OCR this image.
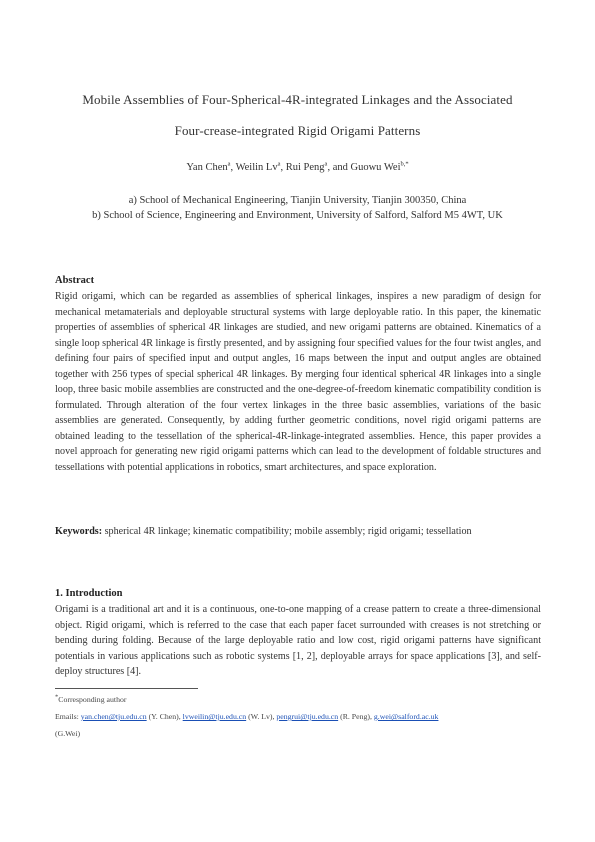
Mobile Assemblies of Four-Spherical-4R-integrated Linkages and the Associated
Four-crease-integrated Rigid Origami Patterns
Yan Chen$^a$, Weilin Lv$^a$, Rui Peng$^a$, and Guowu Wei$^{b,*}$
a) School of Mechanical Engineering, Tianjin University, Tianjin 300350, China
b) School of Science, Engineering and Environment, University of Salford, Salford M5 4WT, UK
Abstract

Rigid origami, which can be regarded as assemblies of spherical linkages, inspires a new paradigm of design for mechanical metamaterials and deployable structural systems with large deployable ratio. In this paper, the kinematic properties of assemblies of spherical 4R linkages are studied, and new origami patterns are obtained. Kinematics of a single loop spherical 4R linkage is firstly presented, and by assigning four specified values for the four twist angles, and defining four pairs of specified input and output angles, 16 maps between the input and output angles are obtained together with 256 types of special spherical 4R linkages. By merging four identical spherical 4R linkages into a single loop, three basic mobile assemblies are constructed and the one-degree-of-freedom kinematic compatibility condition is formulated. Through alteration of the four vertex linkages in the three basic assemblies, variations of the basic assemblies are generated. Consequently, by adding further geometric conditions, novel rigid origami patterns are obtained leading to the tessellation of the spherical-4R-linkage-integrated assemblies. Hence, this paper provides a novel approach for generating new rigid origami patterns which can lead to the development of foldable structures and tessellations with potential applications in robotics, smart architectures, and space exploration.

Keywords: spherical 4R linkage; kinematic compatibility; mobile assembly; rigid origami; tessellation
1. Introduction

Origami is a traditional art and it is a continuous, one-to-one mapping of a crease pattern to create a three-dimensional object. Rigid origami, which is referred to the case that each paper facet surrounded with creases is not stretching or bending during folding. Because of the large deployable ratio and low cost, rigid origami patterns have significant potentials in various applications such as robotic systems [1, 2], deployable arrays for space applications [3], and self-deploy structures [4].

*Corresponding author
Emails: yan.chen@tju.edu.cn (Y. Chen), lvweilin@tju.edu.cn (W. Lv), pengrui@tju.edu.cn (R. Peng), g.wei@salford.ac.uk
(G.Wei)
